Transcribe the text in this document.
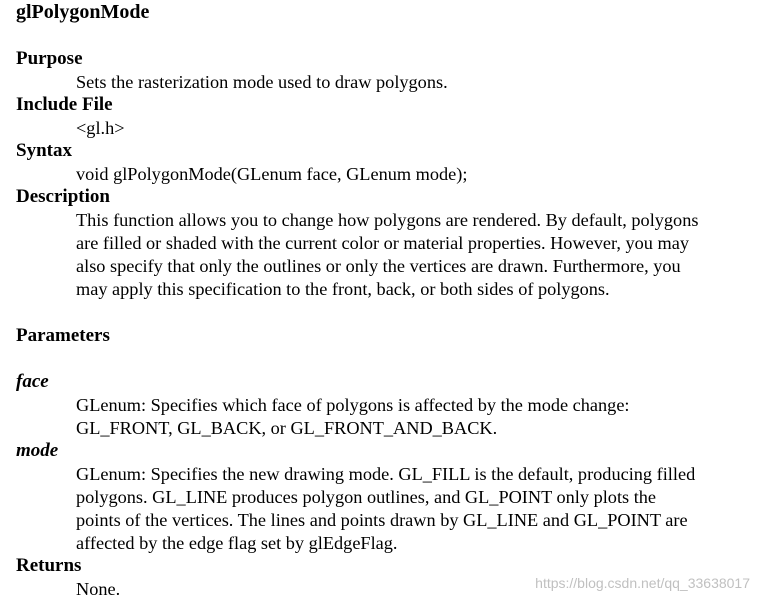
glPolygonMode
Purpose
Sets the rasterization mode used to draw polygons.
Include File
<gl.h>
Syntax
void glPolygonMode(GLenum face, GLenum mode);
Description
This function allows you to change how polygons are rendered. By default, polygons
are filled or shaded with the current color or material properties. However, you may
also specify that only the outlines or only the vertices are drawn. Furthermore, you
may apply this specification to the front, back, or both sides of polygons.
Parameters
face
GLenum: Specifies which face of polygons is affected by the mode change:
GL_FRONT, GL_BACK, or GL_FRONT_AND_BACK.
mode
GLenum: Specifies the new drawing mode. GL_FILL is the default, producing filled
polygons. GL_LINE produces polygon outlines, and GL_POINT only plots the
points of the vertices. The lines and points drawn by GL_LINE and GL_POINT are
affected by the edge flag set by glEdgeFlag.
Returns
None.	https://blog.csdn.net/qq_33638017
